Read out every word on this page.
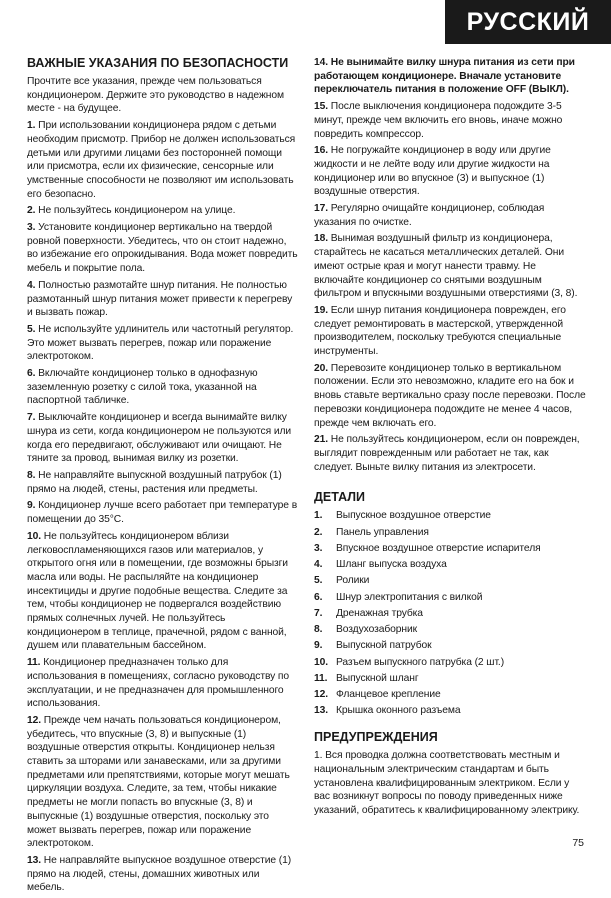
РУССКИЙ
ВАЖНЫЕ УКАЗАНИЯ ПО БЕЗОПАСНОСТИ

Прочтите все указания, прежде чем пользоваться кондиционером. Держите это руководство в надежном месте - на будущее.

1. При использовании кондиционера рядом с детьми необходим присмотр. Прибор не должен использоваться детьми или другими лицами без посторонней помощи или присмотра, если их физические, сенсорные или умственные способности не позволяют им использовать его безопасно.

2. Не пользуйтесь кондиционером на улице.

3. Установите кондиционер вертикально на твердой ровной поверхности. Убедитесь, что он стоит надежно, во избежание его опрокидывания. Вода может повредить мебель и покрытие пола.

4. Полностью размотайте шнур питания. Не полностью размотанный шнур питания может привести к перегреву и вызвать пожар.

5. Не используйте удлинитель или частотный регулятор. Это может вызвать перегрев, пожар или поражение электротоком.

6. Включайте кондиционер только в однофазную заземленную розетку с силой тока, указанной на паспортной табличке.

7. Выключайте кондиционер и всегда вынимайте вилку шнура из сети, когда кондиционером не пользуются или когда его передвигают, обслуживают или очищают. Не тяните за провод, вынимая вилку из розетки.

8. Не направляйте выпускной воздушный патрубок (1) прямо на людей, стены, растения или предметы.

9. Кондиционер лучше всего работает при температуре в помещении до 35°C.

10. Не пользуйтесь кондиционером вблизи легковоспламеняющихся газов или материалов, у открытого огня или в помещении, где возможны брызги масла или воды. Не распыляйте на кондиционер инсектициды и другие подобные вещества. Следите за тем, чтобы кондиционер не подвергался воздействию прямых солнечных лучей. Не пользуйтесь кондиционером в теплице, прачечной, рядом с ванной, душем или плавательным бассейном.

11. Кондиционер предназначен только для использования в помещениях, согласно руководству по эксплуатации, и не предназначен для промышленного использования.

12. Прежде чем начать пользоваться кондиционером, убедитесь, что впускные (3, 8) и выпускные (1) воздушные отверстия открыты. Кондиционер нельзя ставить за шторами или занавесками, или за другими предметами или препятствиями, которые могут мешать циркуляции воздуха. Следите, за тем, чтобы никакие предметы не могли попасть во впускные (3, 8) и выпускные (1) воздушные отверстия, поскольку это может вызвать перегрев, пожар или поражение электротоком.

13. Не направляйте выпускное воздушное отверстие (1) прямо на людей, стены, домашних животных или мебель.

14. Не вынимайте вилку шнура питания из сети при работающем кондиционере. Вначале установите переключатель питания в положение OFF (ВЫКЛ).

15. После выключения кондиционера подождите 3-5 минут, прежде чем включить его вновь, иначе можно повредить компрессор.

16. Не погружайте кондиционер в воду или другие жидкости и не лейте воду или другие жидкости на кондиционер или во впускное (3) и выпускное (1) воздушные отверстия.

17. Регулярно очищайте кондиционер, соблюдая указания по очистке.

18. Вынимая воздушный фильтр из кондиционера, старайтесь не касаться металлических деталей. Они имеют острые края и могут нанести травму. Не включайте кондиционер со снятыми воздушным фильтром и впускными воздушными отверстиями (3, 8).

19. Если шнур питания кондиционера поврежден, его следует ремонтировать в мастерской, утвержденной производителем, поскольку требуются специальные инструменты.

20. Перевозите кондиционер только в вертикальном положении. Если это невозможно, кладите его на бок и вновь ставьте вертикально сразу после перевозки. После перевозки кондиционера подождите не менее 4 часов, прежде чем включать его.

21. Не пользуйтесь кондиционером, если он поврежден, выглядит поврежденным или работает не так, как следует. Выньте вилку питания из электросети.

ДЕТАЛИ
1.	Выпускное воздушное отверстие
2.	Панель управления
3.	Впускное воздушное отверстие испарителя
4.	Шланг выпуска воздуха
5.	Ролики
6.	Шнур электропитания с вилкой
7.	Дренажная трубка
8.	Воздухозаборник
9.	Выпускной патрубок
10. Разъем выпускного патрубка (2 шт.)
11. Выпускной шланг
12. Фланцевое крепление
13. Крышка оконного разъема
ПРЕДУПРЕЖДЕНИЯ

1. Вся проводка должна соответствовать местным и национальным электрическим стандартам и быть установлена квалифицированным электриком. Если у вас возникнут вопросы по поводу приведенных ниже указаний, обратитесь к квалифицированному электрику.

75
